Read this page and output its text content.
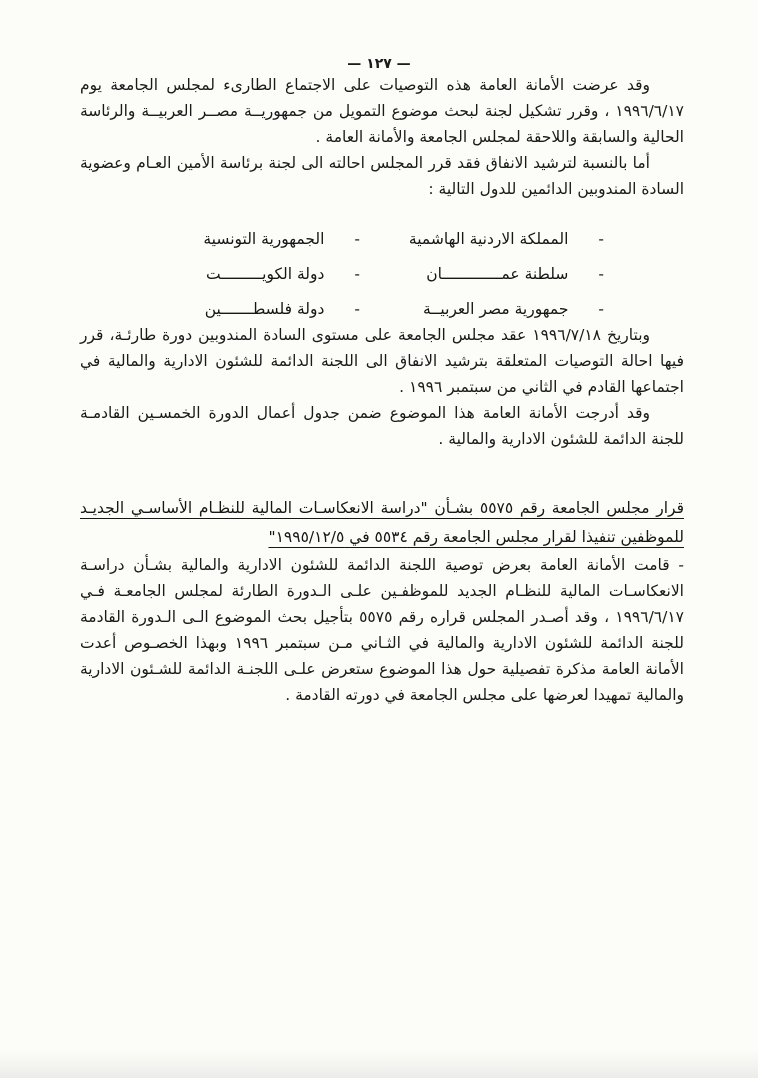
— ١٢٧ —

وقد عرضت الأمانة العامة هذه التوصيات على الاجتماع الطارىء لمجلس الجامعة يوم ١٩٩٦/٦/١٧ ، وقرر تشكيل لجنة لبحث موضوع التمويل من جمهوريــة مصــر العربيــة والرئاسة الحالية والسابقة واللاحقة لمجلس الجامعة والأمانة العامة .

أما بالنسبة لترشيد الانفاق فقد قرر المجلس احالته الى لجنة برئاسة الأمين العـام وعضوية السادة المندوبين الدائمين للدول التالية :

-
المملكة الاردنية الهاشمية
-
الجمهورية التونسية
-
سلطنة عمـــــــــــــان
-
دولة الكويـــــــــت
-
جمهورية مصر العربيــة
-
دولة فلسطـــــــين

وبتاريخ ١٩٩٦/٧/١٨ عقد مجلس الجامعة على مستوى السادة المندوبين دورة طارئـة، قرر فيها احالة التوصيات المتعلقة بترشيد الانفاق الى اللجنة الدائمة للشئون الادارية والمالية في اجتماعها القادم في الثاني من سبتمبر ١٩٩٦ .

وقد أدرجت الأمانة العامة هذا الموضوع ضمن جدول أعمال الدورة الخمسـين القادمـة للجنة الدائمة للشئون الادارية والمالية .

قرار مجلس الجامعة رقم ٥٥٧٥ بشـأن "دراسة الانعكاسـات المالية للنظـام الأساسـي الجديـد للموظفين تنفيذا لقرار مجلس الجامعة رقم ٥٥٣٤ في ١٩٩٥/١٢/٥"

- قامت الأمانة العامة بعرض توصية اللجنة الدائمة للشئون الادارية والمالية بشـأن دراسـة الانعكاسـات المالية للنظـام الجديد للموظفـين علـى الـدورة الطارئة لمجلس الجامعـة فـي ١٩٩٦/٦/١٧ ، وقد أصـدر المجلس قراره رقم ٥٥٧٥ بتأجيل بحث الموضوع الـى الـدورة القادمة للجنة الدائمة للشئون الادارية والمالية في الثـاني مـن سبتمبر ١٩٩٦ وبهذا الخصـوص أعدت الأمانة العامة مذكرة تفصيلية حول هذا الموضوع ستعرض علـى اللجنـة الدائمة للشـئون الادارية والمالية تمهيدا لعرضها على مجلس الجامعة في دورته القادمة .
